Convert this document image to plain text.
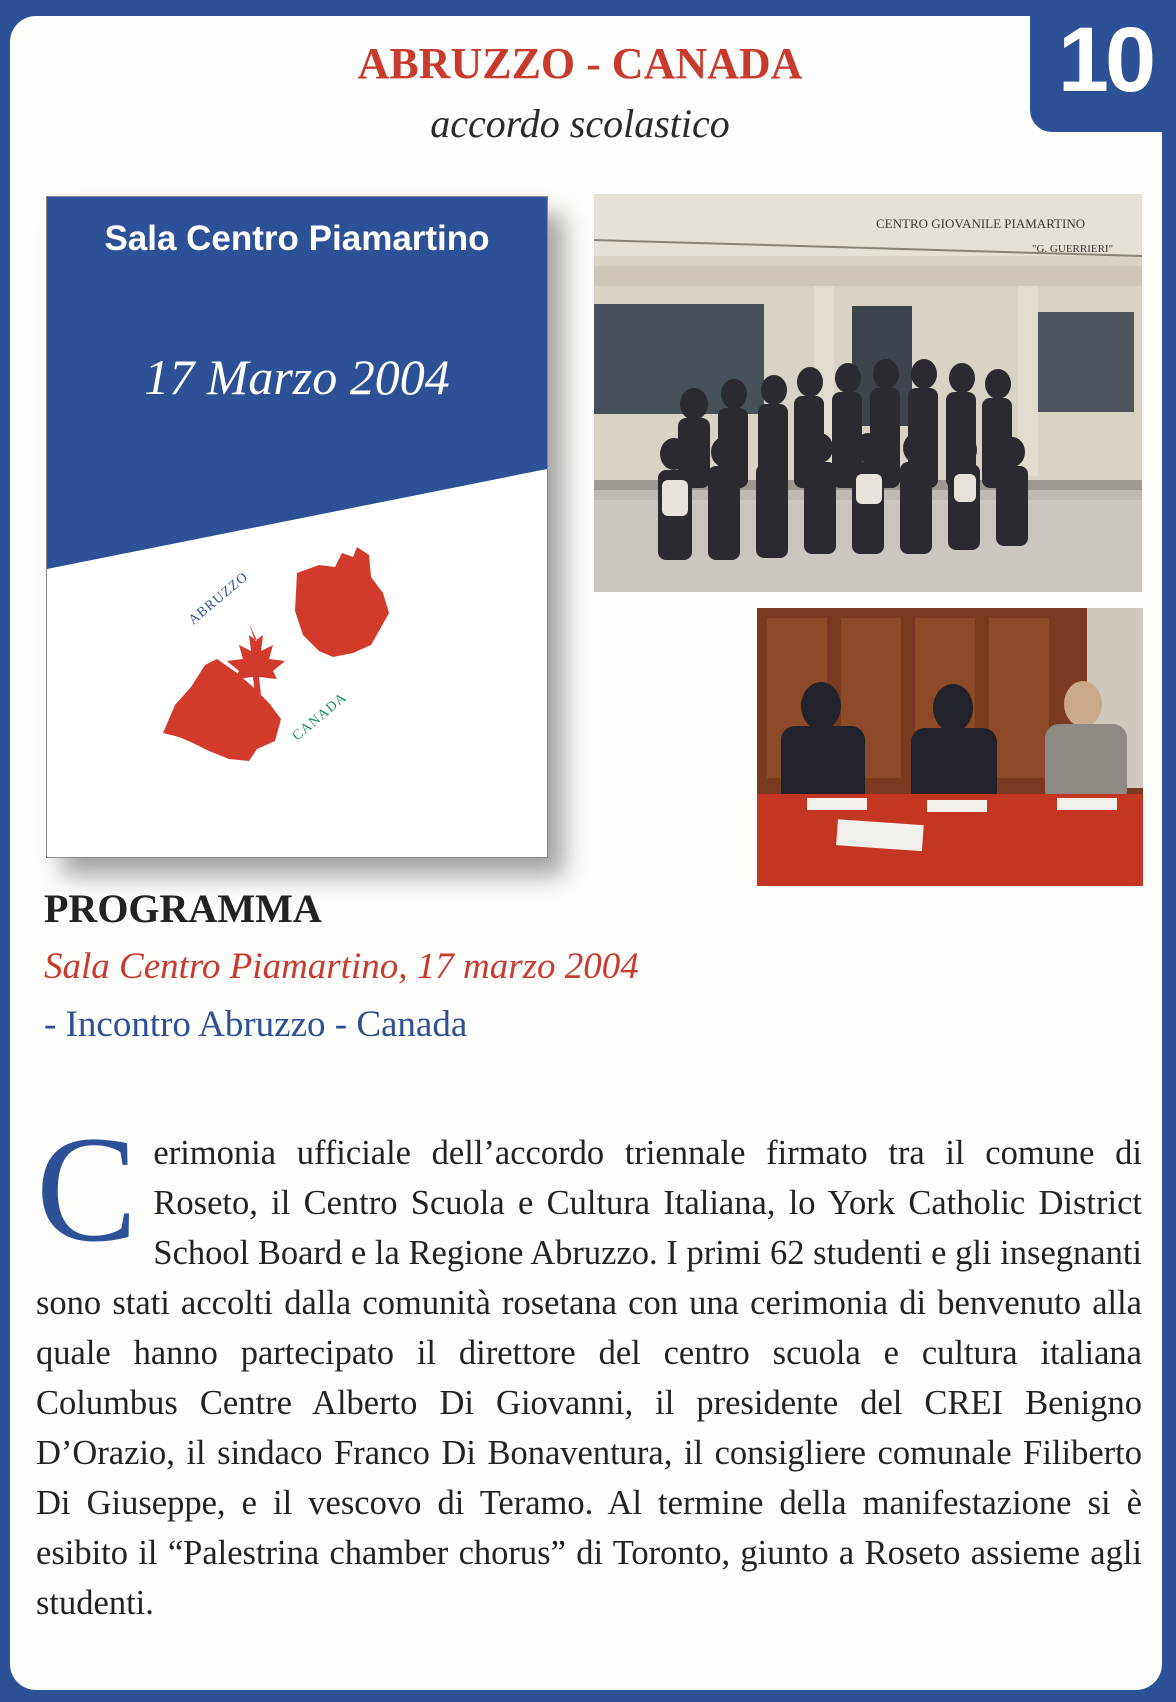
10
ABRUZZO - CANADA
accordo scolastico
Sala Centro Piamartino
17 Marzo 2004
ABRUZZO
CANADA
CENTRO GIOVANILE PIAMARTINO
"G. GUERRIERI"
PROGRAMMA
Sala Centro Piamartino, 17 marzo 2004
- Incontro Abruzzo - Canada
Cerimonia ufficiale dell’accordo triennale firmato tra il comune di Roseto, il Centro Scuola e Cultura Italiana, lo York Catholic District School Board e la Regione Abruzzo. I primi 62 studenti e gli insegnanti sono stati accolti dalla comunità rosetana con una cerimonia di benvenuto alla quale hanno partecipato il direttore del centro scuola e cultura italiana Columbus Centre Alberto Di Giovanni, il presidente del CREI Benigno D’Orazio, il sindaco Franco Di Bonaventura, il consigliere comunale Filiberto Di Giuseppe, e il vescovo di Teramo. Al termine della manifestazione si è esibito il “Palestrina chamber chorus” di Toronto, giunto a Roseto assieme agli studenti.
